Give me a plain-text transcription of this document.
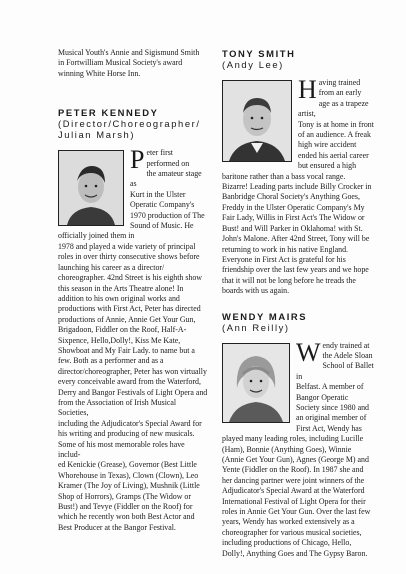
Musical Youth's Annie and Sigismund Smith
in Fortwilliam Musical Society's award
winning White Horse Inn.
PETER KENNEDY
(Director/Choreographer/
Julian Marsh)
P eter first
performed on
the amateur stage as
Kurt in the Ulster
Operatic Company's
1970 production of The
Sound of Music. He
officially joined them in
1978 and played a wide variety of principal
roles in over thirty consecutive shows before
launching his career as a director/
choreographer. 42nd Street is his eighth show
this season in the Arts Theatre alone! In
addition to his own original works and
productions with First Act, Peter has directed
productions of Annie, Annie Get Your Gun,
Brigadoon, Fiddler on the Roof, Half-A-
Sixpence, Hello,Dolly!, Kiss Me Kate,
Showboat and My Fair Lady. to name but a
few. Both as a performer and as a
director/choreographer, Peter has won virtually
every conceivable award from the Waterford,
Derry and Bangor Festivals of Light Opera and
from the Association of Irish Musical Societies,
including the Adjudicator's Special Award for
his writing and producing of new musicals.
Some of his most memorable roles have includ-
ed Kenickie (Grease), Governor (Best Little
Whorehouse in Texas), Clown (Clown), Leo
Kramer (The Joy of Living), Mushnik (Little
Shop of Horrors), Gramps (The Widow or
Bust!) and Tevye (Fiddler on the Roof) for
which he recently won both Best Actor and
Best Producer at the Bangor Festival.
TONY SMITH
(Andy Lee)
H aving trained
from an early
age as a trapeze artist,
Tony is at home in front
of an audience. A freak
high wire accident
ended his aerial career
but ensured a high
baritone rather than a bass vocal range.
Bizarre! Leading parts include Billy Crocker in
Banbridge Choral Society's Anything Goes,
Freddy in the Ulster Operatic Company's My
Fair Lady, Willis in First Act's The Widow or
Bust! and Will Parker in Oklahoma! with St.
John's Malone. After 42nd Street, Tony will be
returning to work in his native England.
Everyone in First Act is grateful for his
friendship over the last few years and we hope
that it will not be long before he treads the
boards with us again.
WENDY MAIRS
(Ann Reilly)
W endy trained at
the Adele Sloan
School of Ballet in
Belfast. A member of
Bangor Operatic
Society since 1980 and
an original member of
First Act, Wendy has
played many leading roles, including Lucille
(Ham), Bonnie (Anything Goes), Winnie
(Annie Get Your Gun), Agnes (George M) and
Yente (Fiddler on the Roof). In 1987 she and
her dancing partner were joint winners of the
Adjudicator's Special Award at the Waterford
International Festival of Light Opera for their
roles in Annie Get Your Gun. Over the last few
years, Wendy has worked extensively as a
choreographer for various musical societies,
including productions of Chicago, Hello,
Dolly!, Anything Goes and The Gypsy Baron.
